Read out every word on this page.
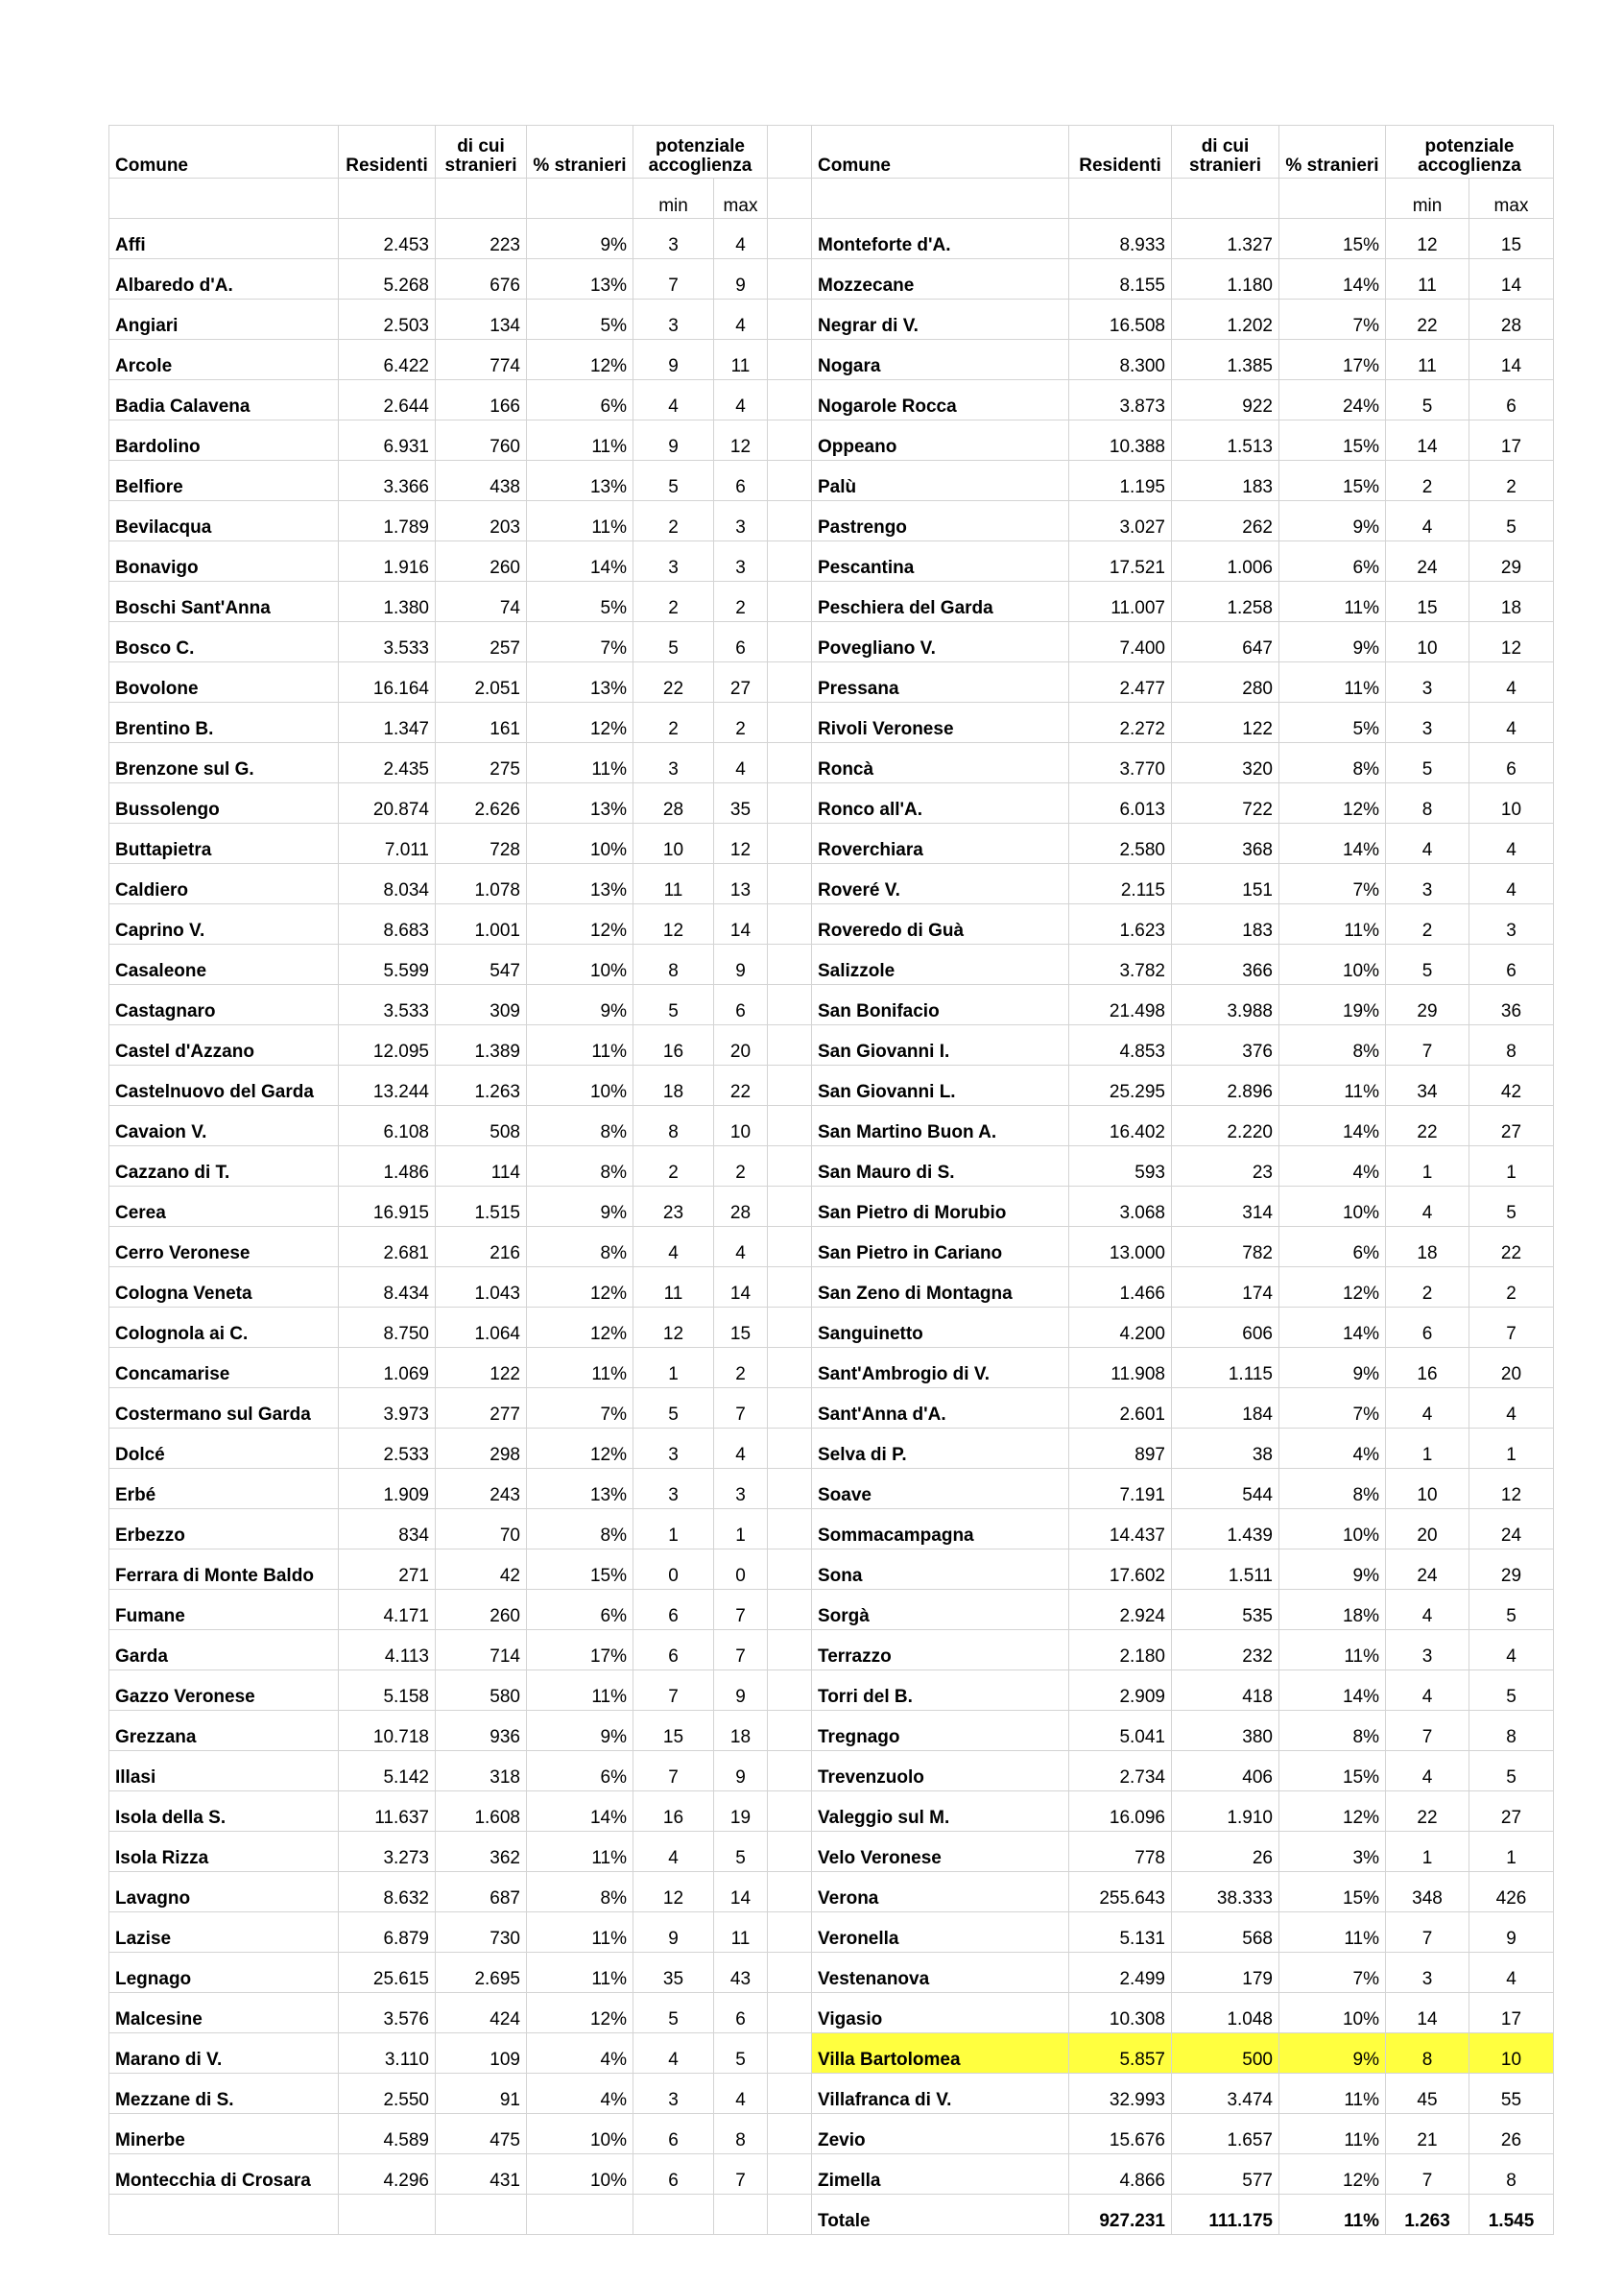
Comune	Residenti	di cui stranieri	% stranieri	potenziale accoglienza			Comune	Residenti	di cui stranieri	% stranieri	potenziale accoglienza	
				min	max						min	max
Affi	2.453	223	9%	3	4		Monteforte d'A.	8.933	1.327	15%	12	15
Albaredo d'A.	5.268	676	13%	7	9		Mozzecane	8.155	1.180	14%	11	14
Angiari	2.503	134	5%	3	4		Negrar di V.	16.508	1.202	7%	22	28
Arcole	6.422	774	12%	9	11		Nogara	8.300	1.385	17%	11	14
Badia Calavena	2.644	166	6%	4	4		Nogarole Rocca	3.873	922	24%	5	6
Bardolino	6.931	760	11%	9	12		Oppeano	10.388	1.513	15%	14	17
Belfiore	3.366	438	13%	5	6		Palù	1.195	183	15%	2	2
Bevilacqua	1.789	203	11%	2	3		Pastrengo	3.027	262	9%	4	5
Bonavigo	1.916	260	14%	3	3		Pescantina	17.521	1.006	6%	24	29
Boschi Sant'Anna	1.380	74	5%	2	2		Peschiera del Garda	11.007	1.258	11%	15	18
Bosco C.	3.533	257	7%	5	6		Povegliano V.	7.400	647	9%	10	12
Bovolone	16.164	2.051	13%	22	27		Pressana	2.477	280	11%	3	4
Brentino B.	1.347	161	12%	2	2		Rivoli Veronese	2.272	122	5%	3	4
Brenzone sul G.	2.435	275	11%	3	4		Roncà	3.770	320	8%	5	6
Bussolengo	20.874	2.626	13%	28	35		Ronco all'A.	6.013	722	12%	8	10
Buttapietra	7.011	728	10%	10	12		Roverchiara	2.580	368	14%	4	4
Caldiero	8.034	1.078	13%	11	13		Roveré V.	2.115	151	7%	3	4
Caprino V.	8.683	1.001	12%	12	14		Roveredo di Guà	1.623	183	11%	2	3
Casaleone	5.599	547	10%	8	9		Salizzole	3.782	366	10%	5	6
Castagnaro	3.533	309	9%	5	6		San Bonifacio	21.498	3.988	19%	29	36
Castel d'Azzano	12.095	1.389	11%	16	20		San Giovanni I.	4.853	376	8%	7	8
Castelnuovo del Garda	13.244	1.263	10%	18	22		San Giovanni L.	25.295	2.896	11%	34	42
Cavaion V.	6.108	508	8%	8	10		San Martino Buon A.	16.402	2.220	14%	22	27
Cazzano di T.	1.486	114	8%	2	2		San Mauro di S.	593	23	4%	1	1
Cerea	16.915	1.515	9%	23	28		San Pietro di Morubio	3.068	314	10%	4	5
Cerro Veronese	2.681	216	8%	4	4		San Pietro in Cariano	13.000	782	6%	18	22
Cologna Veneta	8.434	1.043	12%	11	14		San Zeno di Montagna	1.466	174	12%	2	2
Colognola ai C.	8.750	1.064	12%	12	15		Sanguinetto	4.200	606	14%	6	7
Concamarise	1.069	122	11%	1	2		Sant'Ambrogio di V.	11.908	1.115	9%	16	20
Costermano sul Garda	3.973	277	7%	5	7		Sant'Anna d'A.	2.601	184	7%	4	4
Dolcé	2.533	298	12%	3	4		Selva di P.	897	38	4%	1	1
Erbé	1.909	243	13%	3	3		Soave	7.191	544	8%	10	12
Erbezzo	834	70	8%	1	1		Sommacampagna	14.437	1.439	10%	20	24
Ferrara di Monte Baldo	271	42	15%	0	0		Sona	17.602	1.511	9%	24	29
Fumane	4.171	260	6%	6	7		Sorgà	2.924	535	18%	4	5
Garda	4.113	714	17%	6	7		Terrazzo	2.180	232	11%	3	4
Gazzo Veronese	5.158	580	11%	7	9		Torri del B.	2.909	418	14%	4	5
Grezzana	10.718	936	9%	15	18		Tregnago	5.041	380	8%	7	8
Illasi	5.142	318	6%	7	9		Trevenzuolo	2.734	406	15%	4	5
Isola della S.	11.637	1.608	14%	16	19		Valeggio sul M.	16.096	1.910	12%	22	27
Isola Rizza	3.273	362	11%	4	5		Velo Veronese	778	26	3%	1	1
Lavagno	8.632	687	8%	12	14		Verona	255.643	38.333	15%	348	426
Lazise	6.879	730	11%	9	11		Veronella	5.131	568	11%	7	9
Legnago	25.615	2.695	11%	35	43		Vestenanova	2.499	179	7%	3	4
Malcesine	3.576	424	12%	5	6		Vigasio	10.308	1.048	10%	14	17
Marano di V.	3.110	109	4%	4	5		Villa Bartolomea	5.857	500	9%	8	10
Mezzane di S.	2.550	91	4%	3	4		Villafranca di V.	32.993	3.474	11%	45	55
Minerbe	4.589	475	10%	6	8		Zevio	15.676	1.657	11%	21	26
Montecchia di Crosara	4.296	431	10%	6	7		Zimella	4.866	577	12%	7	8
							Totale	927.231	111.175	11%	1.263	1.545
